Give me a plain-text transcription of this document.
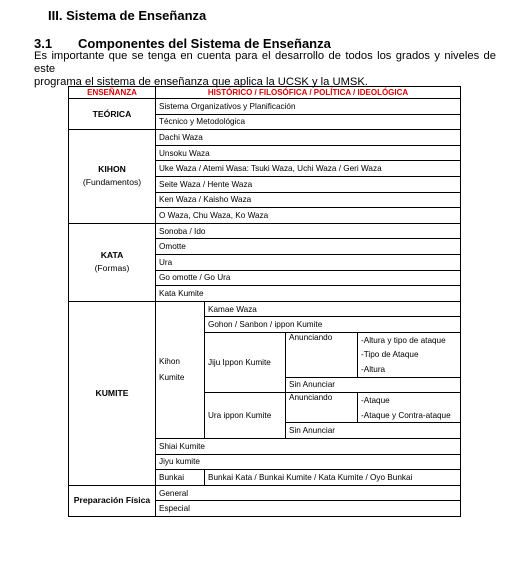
III. Sistema de Enseñanza
3.1 Componentes del Sistema de Enseñanza
Es importante que se tenga en cuenta para el desarrollo de todos los grados y niveles de este
programa el sistema de enseñanza que aplica la UCSK y la UMSK.
ENSEÑANZA	HISTÓRICO / FILOSÓFICA / POLÍTICA / IDEOLÓGICA			
TEÓRICA	Sistema Organizativos y Planificación			
	Técnico y Metodológica			
KIHON
(Fundamentos)	Dachi Waza			
	Unsoku Waza			
	Uke Waza / Atemi Wasa: Tsuki Waza, Uchi Waza / Geri Waza			
	Seite Waza / Hente Waza			
	Ken Waza / Kaisho Waza			
	O Waza, Chu Waza, Ko Waza			
KATA
(Formas)	Sonoba / Ido			
	Omotte			
	Ura			
	Go omotte / Go Ura			
	Kata Kumite			
KUMITE	Kihon Kumite	Kamae Waza		
		Gohon / Sanbon / ippon Kumite		
		Jiju Ippon Kumite	Anunciando	-Altura y tipo de ataque
				-Tipo de Ataque
				-Altura
			Sin Anunciar	
		Ura ippon Kumite	Anunciando	-Ataque
				-Ataque y Contra-ataque
			Sin Anunciar	
	Shiai Kumite			
	Jiyu kumite			
	Bunkai	Bunkai Kata / Bunkai Kumite / Kata Kumite / Oyo Bunkai		
Preparación Física	General			
	Especial			
